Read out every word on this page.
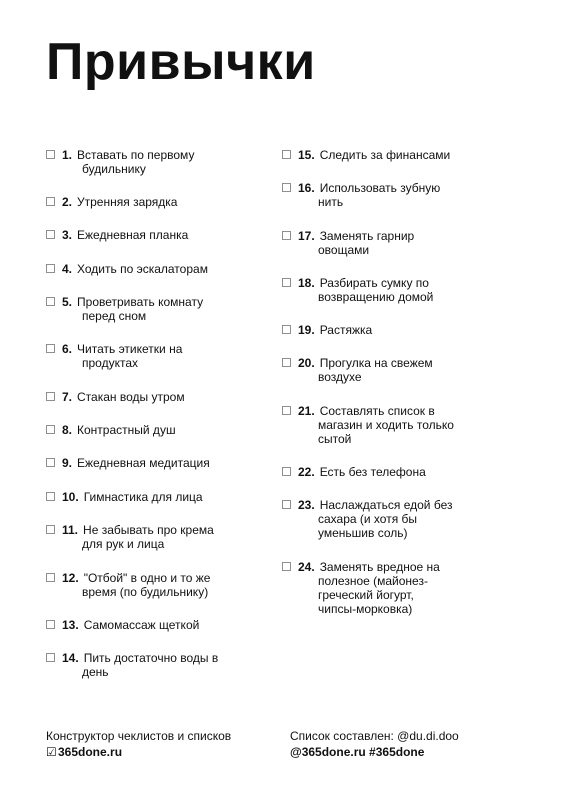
Привычки
1. Вставать по первому
будильнику
2. Утренняя зарядка
3. Ежедневная планка
4. Ходить по эскалаторам
5. Проветривать комнату
перед сном
6. Читать этикетки на
продуктах
7. Стакан воды утром
8. Контрастный душ
9. Ежедневная медитация
10. Гимнастика для лица
11. Не забывать про крема
для рук и лица
12. "Отбой" в одно и то же
время (по будильнику)
13. Самомассаж щеткой
14. Пить достаточно воды в
день
15. Следить за финансами
16. Использовать зубную
нить
17. Заменять гарнир
овощами
18. Разбирать сумку по
возвращению домой
19. Растяжка
20. Прогулка на свежем
воздухе
21. Составлять список в
магазин и ходить только
сытой
22. Есть без телефона
23. Наслаждаться едой без
сахара (и хотя бы
уменьшив соль)
24. Заменять вредное на
полезное (майонез-
греческий йогурт,
чипсы-морковка)
Конструктор чеклистов и списков
☑365done.ru
Список составлен: @du.di.doo
@365done.ru #365done
